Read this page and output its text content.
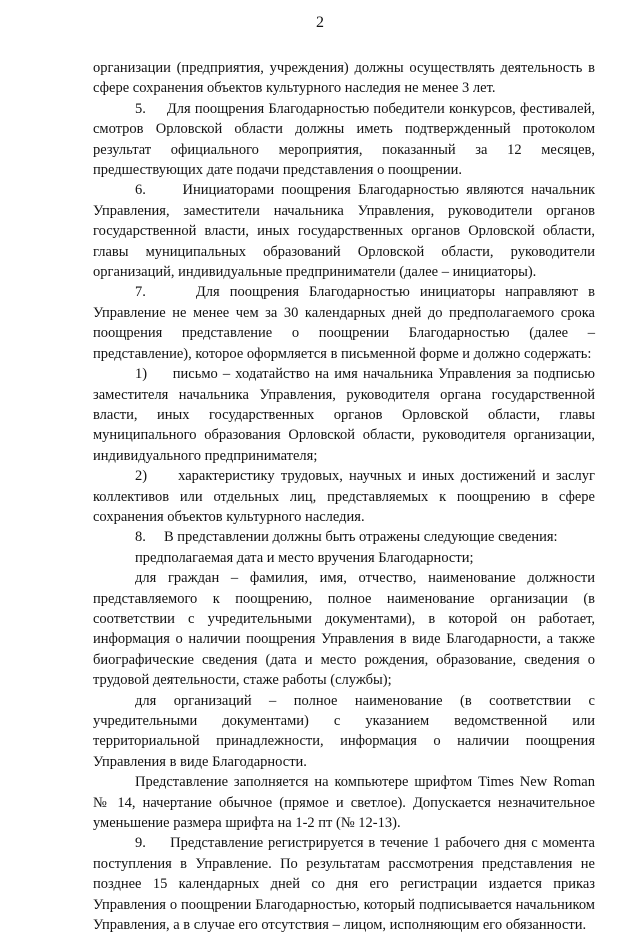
2

организации (предприятия, учреждения) должны осуществлять деятельность в сфере сохранения объектов культурного наследия не менее 3 лет.

5.     Для поощрения Благодарностью победители конкурсов, фестивалей, смотров Орловской области должны иметь подтвержденный протоколом результат официального мероприятия, показанный за 12 месяцев, предшествующих дате подачи представления о поощрении.

6.     Инициаторами поощрения Благодарностью являются начальник Управления, заместители начальника Управления, руководители органов государственной власти, иных государственных органов Орловской области, главы муниципальных образований Орловской области, руководители организаций, индивидуальные предприниматели (далее – инициаторы).

7.     Для поощрения Благодарностью инициаторы направляют в Управление не менее чем за 30 календарных дней до предполагаемого срока поощрения представление о поощрении Благодарностью (далее – представление), которое оформляется в письменной форме и должно содержать:

1)     письмо – ходатайство на имя начальника Управления за подписью заместителя начальника Управления, руководителя органа государственной власти, иных государственных органов Орловской области, главы муниципального образования Орловской области, руководителя организации, индивидуального предпринимателя;

2)     характеристику трудовых, научных и иных достижений и заслуг коллективов или отдельных лиц, представляемых к поощрению в сфере сохранения объектов культурного наследия.

8.     В представлении должны быть отражены следующие сведения:

предполагаемая дата и место вручения Благодарности;

для граждан – фамилия, имя, отчество, наименование должности представляемого к поощрению, полное наименование организации (в соответствии с учредительными документами), в которой он работает, информация о наличии поощрения Управления в виде Благодарности, а также биографические сведения (дата и место рождения, образование, сведения о трудовой деятельности, стаже работы (службы);

для организаций – полное наименование (в соответствии с учредительными документами) с указанием ведомственной или территориальной принадлежности, информация о наличии поощрения Управления в виде Благодарности.

Представление заполняется на компьютере шрифтом Times New Roman № 14, начертание обычное (прямое и светлое). Допускается незначительное уменьшение размера шрифта на 1-2 пт (№ 12-13).

9.     Представление регистрируется в течение 1 рабочего дня с момента поступления в Управление. По результатам рассмотрения представления не позднее 15 календарных дней со дня его регистрации издается приказ Управления о поощрении Благодарностью, который подписывается начальником Управления, а в случае его отсутствия – лицом, исполняющим его обязанности.
